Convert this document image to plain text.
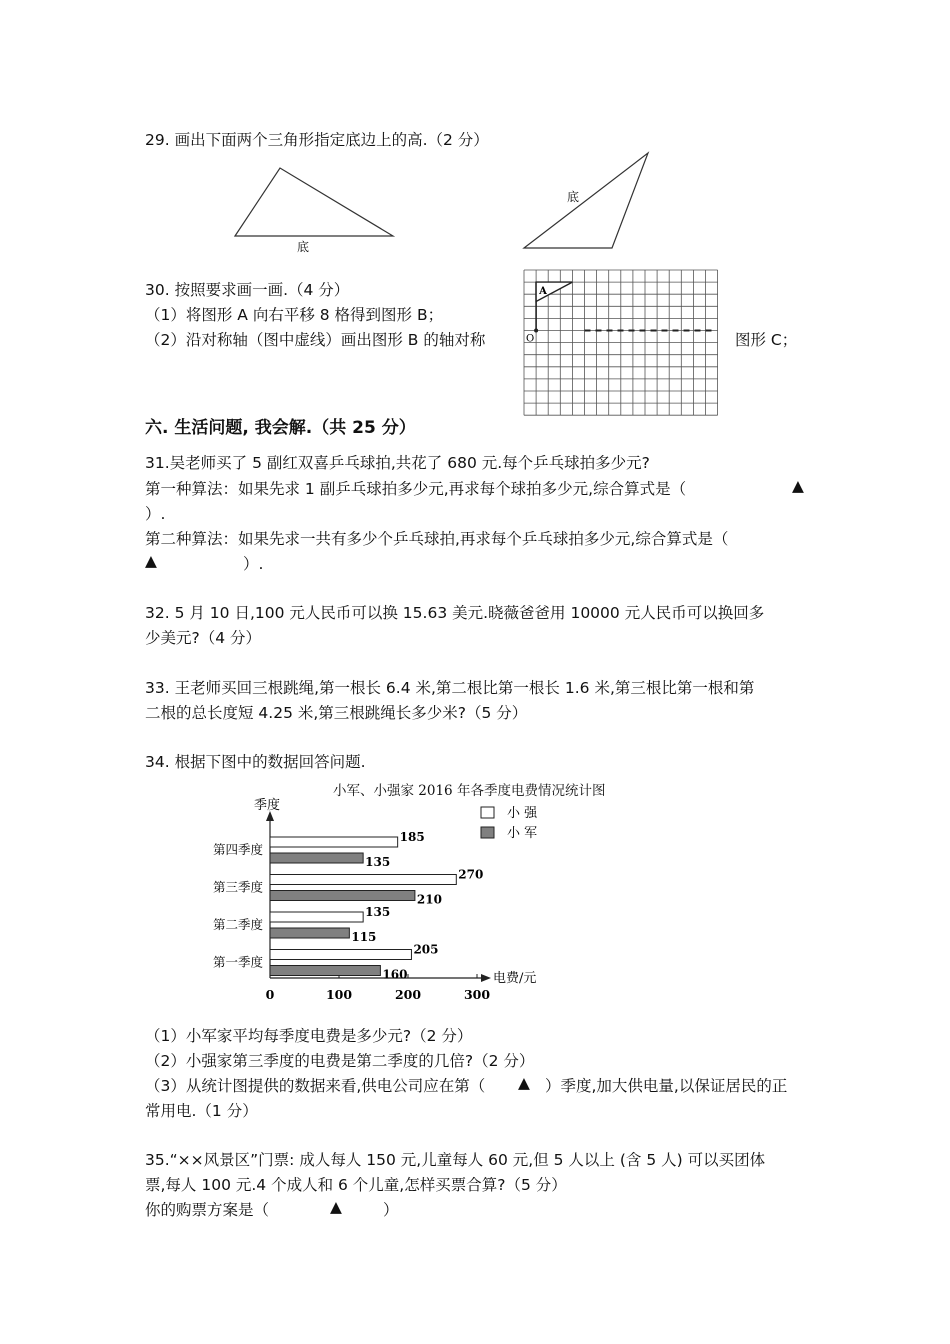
29. 画出下面两个三角形指定底边上的高.（2 分）
底
底
30. 按照要求画一画.（4 分）
（1）将图形 A 向右平移 8 格得到图形 B；
（2）沿对称轴（图中虚线）画出图形 B 的轴对称	图形 C；
A
O
六. 生活问题, 我会解.（共 25 分）
31.吴老师买了 5 副红双喜乒乓球拍,共花了 680 元.每个乒乓球拍多少元?
第一种算法：如果先求 1 副乒乓球拍多少元,再求每个球拍多少元,综合算式是（	▲
）.
第二种算法：如果先求一共有多少个乒乓球拍,再求每个乒乓球拍多少元,综合算式是（
▲	）.
32. 5 月 10 日,100 元人民币可以换 15.63 美元.晓薇爸爸用 10000 元人民币可以换回多
少美元?（4 分）
33. 王老师买回三根跳绳,第一根长 6.4 米,第二根比第一根长 1.6 米,第三根比第一根和第
二根的总长度短 4.25 米,第三根跳绳长多少米?（5 分）
34. 根据下图中的数据回答问题.
小军、小强家 2016 年各季度电费情况统计图
季度
电费/元
0	100	200	300
第四季度
185
135
第三季度
270
210
第二季度
135
115
第一季度
205
160
小 强
小 军
（1）小军家平均每季度电费是多少元?（2 分）
（2）小强家第三季度的电费是第二季度的几倍?（2 分）
（3）从统计图提供的数据来看,供电公司应在第（ ▲ ）季度,加大供电量,以保证居民的正
常用电.（1 分）
35.“××风景区”门票: 成人每人 150 元,儿童每人 60 元,但 5 人以上 (含 5 人) 可以买团体
票,每人 100 元.4 个成人和 6 个儿童,怎样买票合算?（5 分）
你的购票方案是（	▲	）
